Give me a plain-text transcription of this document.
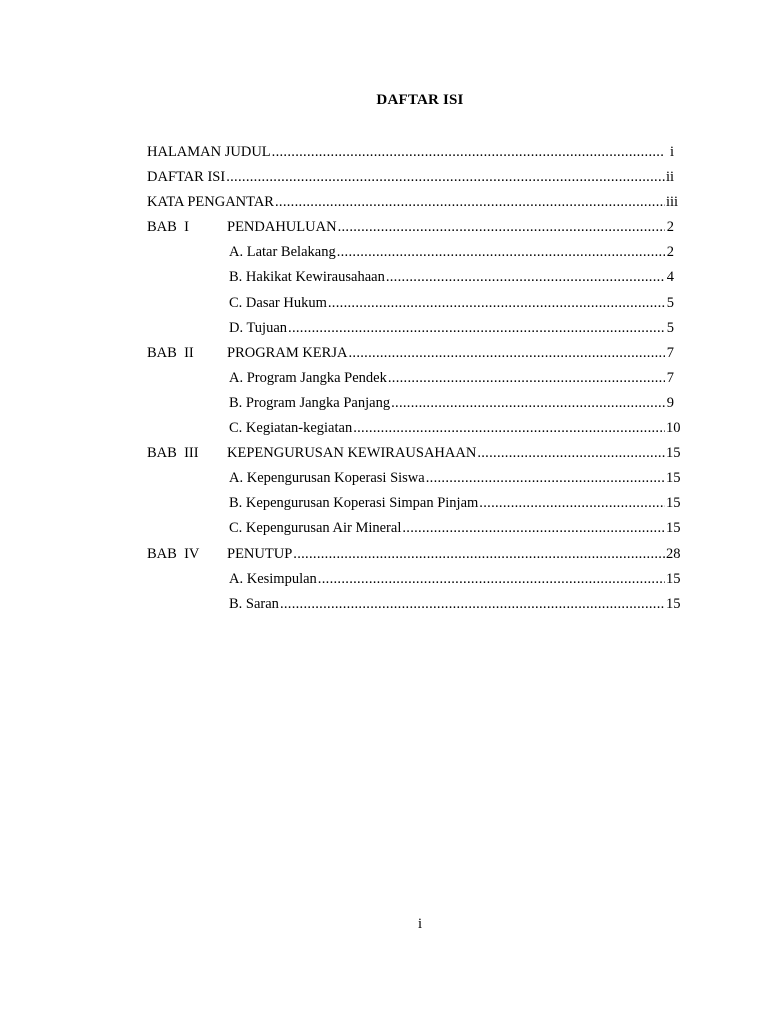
DAFTAR ISI
HALAMAN JUDUL .....	i
DAFTAR ISI .....	ii
KATA PENGANTAR .....	iii
BAB  I	PENDAHULUAN .....	2
A. Latar Belakang .....	2
B. Hakikat Kewirausahaan .....	4
C. Dasar Hukum .....	5
D. Tujuan .....	5
BAB  II	PROGRAM KERJA .....	7
A. Program Jangka Pendek .....	7
B. Program Jangka Panjang .....	9
C. Kegiatan-kegiatan .....	10
BAB  III	KEPENGURUSAN KEWIRAUSAHAAN .....	15
A. Kepengurusan Koperasi Siswa .....	15
B. Kepengurusan Koperasi Simpan Pinjam .....	15
C. Kepengurusan Air Mineral .....	15
BAB  IV	PENUTUP .....	28
A. Kesimpulan .....	15
B. Saran .....	15
i
